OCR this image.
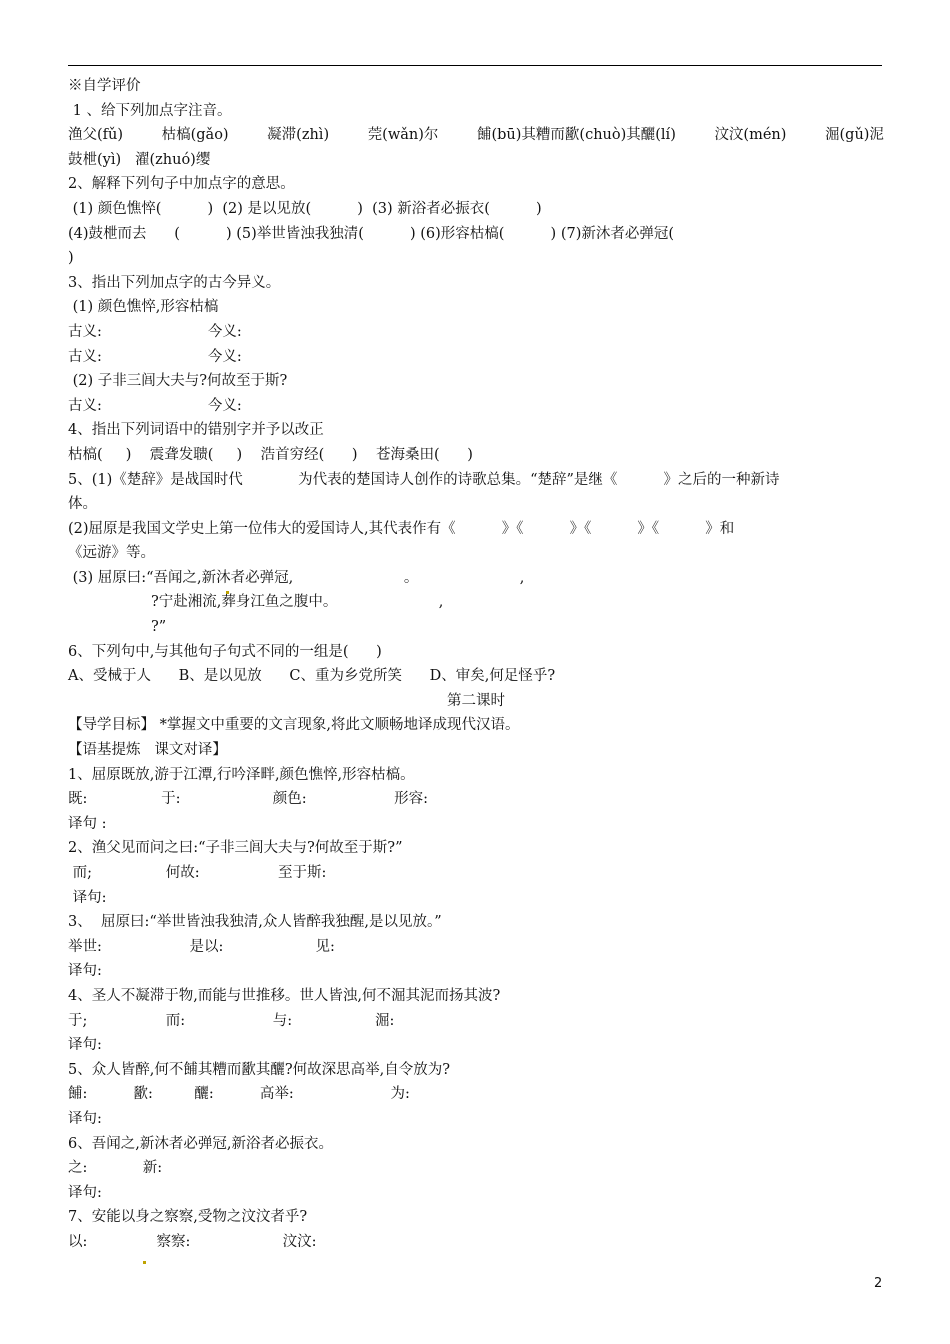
※自学评价
1 、给下列加点字注音。
渔父(fǔ)	枯槁(gǎo)	凝滞(zhì)	莞(wǎn)尔	餔(bū)其糟而歠(chuò)其釃(lí)	汶汶(mén)	淈(gǔ)泥
鼓枻(yì)   濯(zhuó)缨
2、解释下列句子中加点字的意思。
(1) 颜色憔悴(          )  (2) 是以见放(          )  (3) 新浴者必振衣(          )
(4)鼓枻而去      (          ) (5)举世皆浊我独清(          ) (6)形容枯槁(          ) (7)新沐者必弹冠(
)
3、指出下列加点字的古今异义。
(1) 颜色憔悴,形容枯槁
古义:                       今义:
古义:                       今义:
(2) 子非三闾大夫与?何故至于斯?
古义:                       今义:
4、指出下列词语中的错别字并予以改正
枯槁(     )    震聋发聩(     )    浩首穷经(      )    苍海桑田(      )
5、(1)《楚辞》是战国时代            为代表的楚国诗人创作的诗歌总集。“楚辞”是继《          》之后的一种新诗
体。
(2)屈原是我国文学史上第一位伟大的爱国诗人,其代表作有《          》《          》《          》《          》和
《远游》等。
(3) 屈原曰:“吾闻之,新沐者必弹冠,                        。                      ,
?宁赴湘流,葬身江鱼之腹中。                      ,
?”
6、下列句中,与其他句子句式不同的一组是(      )
A、受械于人      B、是以见放      C、重为乡党所笑      D、审矣,何足怪乎?
第二课时
【导学目标】 *掌握文中重要的文言现象,将此文顺畅地译成现代汉语。
【语基提炼   课文对译】
1、屈原既放,游于江潭,行吟泽畔,颜色憔悴,形容枯槁。
既:                于:                    颜色:                   形容:
译句 :
2、渔父见而问之曰:“子非三闾大夫与?何故至于斯?”
而;                何故:                 至于斯:
译句:
3、  屈原曰:“举世皆浊我独清,众人皆醉我独醒,是以见放。”
举世:                   是以:                    见:
译句:
4、圣人不凝滞于物,而能与世推移。世人皆浊,何不淈其泥而扬其波?
于;                 而:                   与:                  淈:
译句:
5、众人皆醉,何不餔其糟而歠其釃?何故深思高举,自令放为?
餔:          歠:         釃:          高举:                     为:
译句:
6、吾闻之,新沐者必弹冠,新浴者必振衣。
之:            新:
译句:
7、安能以身之察察,受物之汶汶者乎?
以:               察察:                    汶汶:
2
